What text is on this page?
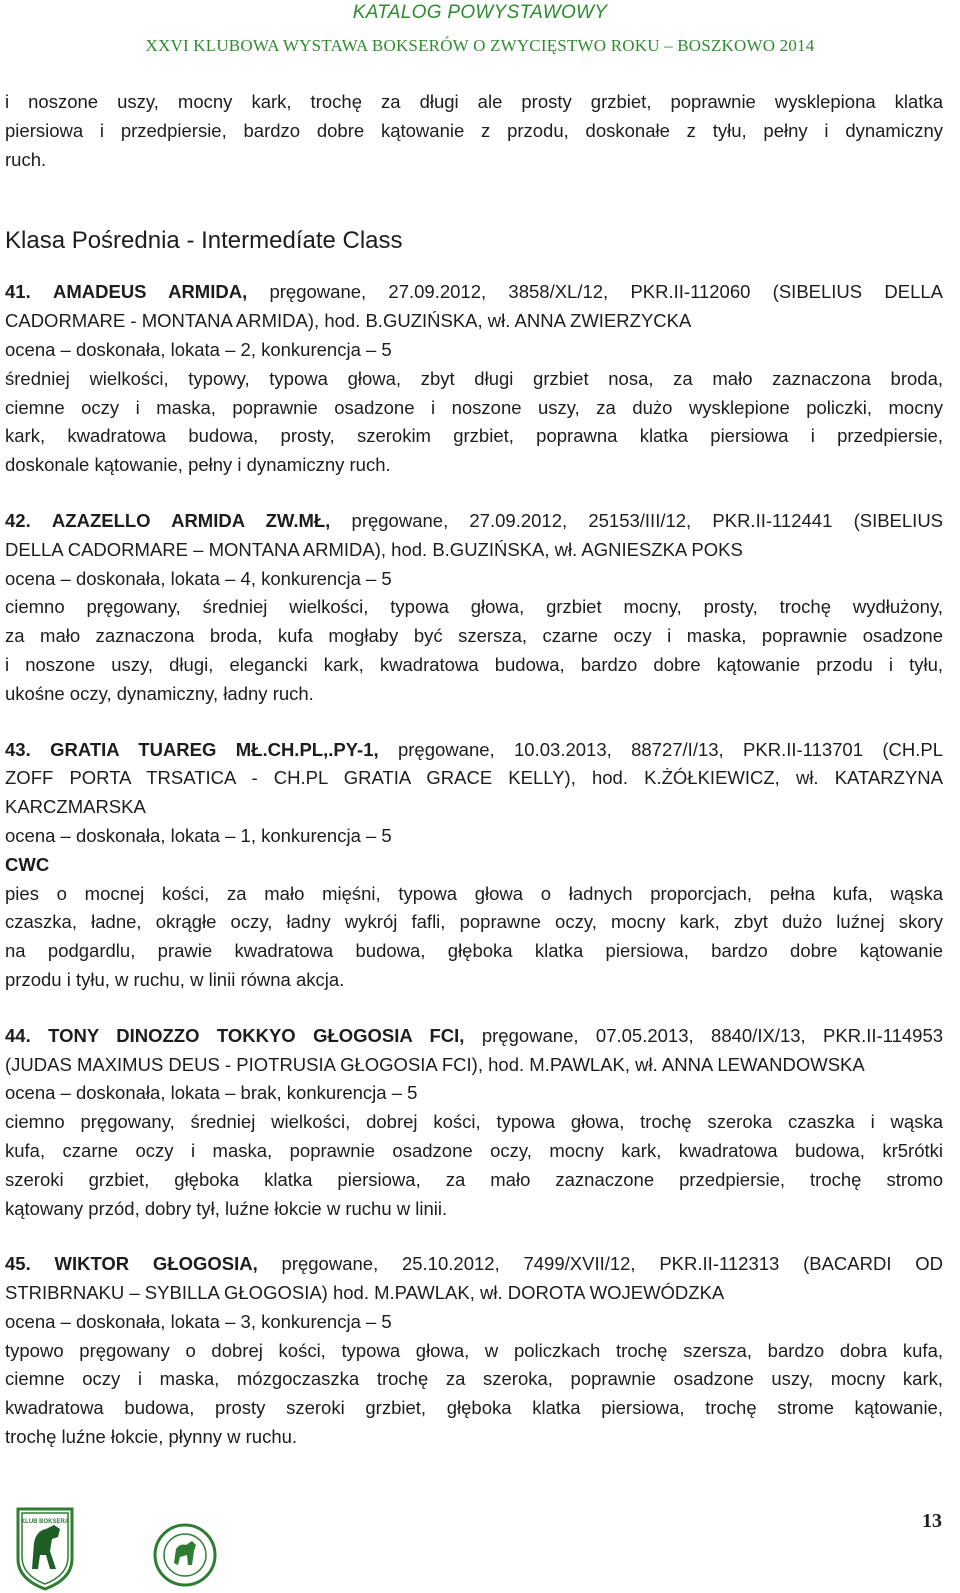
KATALOG POWYSTAWOWY
XXVI KLUBOWA WYSTAWA BOKSERÓW O ZWYCIĘSTWO ROKU – BOSZKOWO 2014
i noszone uszy, mocny kark, trochę za długi ale prosty grzbiet, poprawnie wysklepiona klatka
piersiowa i przedpiersie, bardzo dobre kątowanie z przodu, doskonałe z tyłu, pełny i dynamiczny
ruch.
Klasa Pośrednia - Intermedíate Class
41. AMADEUS ARMIDA, pręgowane, 27.09.2012, 3858/XL/12, PKR.II-112060 (SIBELIUS DELLA
CADORMARE - MONTANA ARMIDA), hod. B.GUZIŃSKA, wł. ANNA ZWIERZYCKA
ocena – doskonała, lokata – 2, konkurencja – 5
średniej wielkości, typowy, typowa głowa, zbyt długi grzbiet nosa, za mało zaznaczona broda,
ciemne oczy i maska, poprawnie osadzone i noszone uszy, za dużo wysklepione policzki, mocny
kark, kwadratowa budowa, prosty, szerokim grzbiet, poprawna klatka piersiowa i przedpiersie,
doskonale kątowanie, pełny i dynamiczny ruch.
42. AZAZELLO ARMIDA ZW.MŁ, pręgowane, 27.09.2012, 25153/III/12, PKR.II-112441 (SIBELIUS
DELLA CADORMARE – MONTANA ARMIDA), hod. B.GUZIŃSKA, wł. AGNIESZKA POKS
ocena – doskonała, lokata – 4, konkurencja – 5
ciemno pręgowany, średniej wielkości, typowa głowa, grzbiet mocny, prosty, trochę wydłużony,
za mało zaznaczona broda, kufa mogłaby być szersza, czarne oczy i maska, poprawnie osadzone
i noszone uszy, długi, elegancki kark, kwadratowa budowa, bardzo dobre kątowanie przodu i tyłu,
ukośne oczy, dynamiczny, ładny ruch.
43. GRATIA TUAREG MŁ.CH.PL,.PY-1, pręgowane, 10.03.2013, 88727/I/13, PKR.II-113701 (CH.PL
ZOFF PORTA TRSATICA - CH.PL GRATIA GRACE KELLY), hod. K.ŻÓŁKIEWICZ, wł. KATARZYNA
KARCZMARSKA
ocena – doskonała, lokata – 1, konkurencja – 5
CWC
pies o mocnej kości, za mało mięśni, typowa głowa o ładnych proporcjach, pełna kufa, wąska
czaszka, ładne, okrągłe oczy, ładny wykrój fafli, poprawne oczy, mocny kark, zbyt dużo luźnej skory
na podgardlu, prawie kwadratowa budowa, głęboka klatka piersiowa, bardzo dobre kątowanie
przodu i tyłu, w ruchu, w linii równa akcja.
44. TONY DINOZZO TOKKYO GŁOGOSIA FCI, pręgowane, 07.05.2013, 8840/IX/13, PKR.II-114953
(JUDAS MAXIMUS DEUS - PIOTRUSIA GŁOGOSIA FCI), hod. M.PAWLAK, wł. ANNA LEWANDOWSKA
ocena – doskonała, lokata – brak, konkurencja – 5
ciemno pręgowany, średniej wielkości, dobrej kości, typowa głowa, trochę szeroka czaszka i wąska
kufa, czarne oczy i maska, poprawnie osadzone oczy, mocny kark, kwadratowa budowa, kr5rótki
szeroki grzbiet, głęboka klatka piersiowa, za mało zaznaczone przedpiersie, trochę stromo
kątowany przód, dobry tył, luźne łokcie w ruchu w linii.
45. WIKTOR GŁOGOSIA, pręgowane, 25.10.2012, 7499/XVII/12, PKR.II-112313 (BACARDI OD
STRIBRNAKU – SYBILLA GŁOGOSIA) hod. M.PAWLAK, wł. DOROTA WOJEWÓDZKA
ocena – doskonała, lokata – 3, konkurencja – 5
typowo pręgowany o dobrej kości, typowa głowa, w policzkach trochę szersza, bardzo dobra kufa,
ciemne oczy i maska, mózgoczaszka trochę za szeroka, poprawnie osadzone uszy, mocny kark,
kwadratowa budowa, prosty szeroki grzbiet, głęboka klatka piersiowa, trochę strome kątowanie,
trochę luźne łokcie, płynny w ruchu.
13
KLUB BOKSERA
